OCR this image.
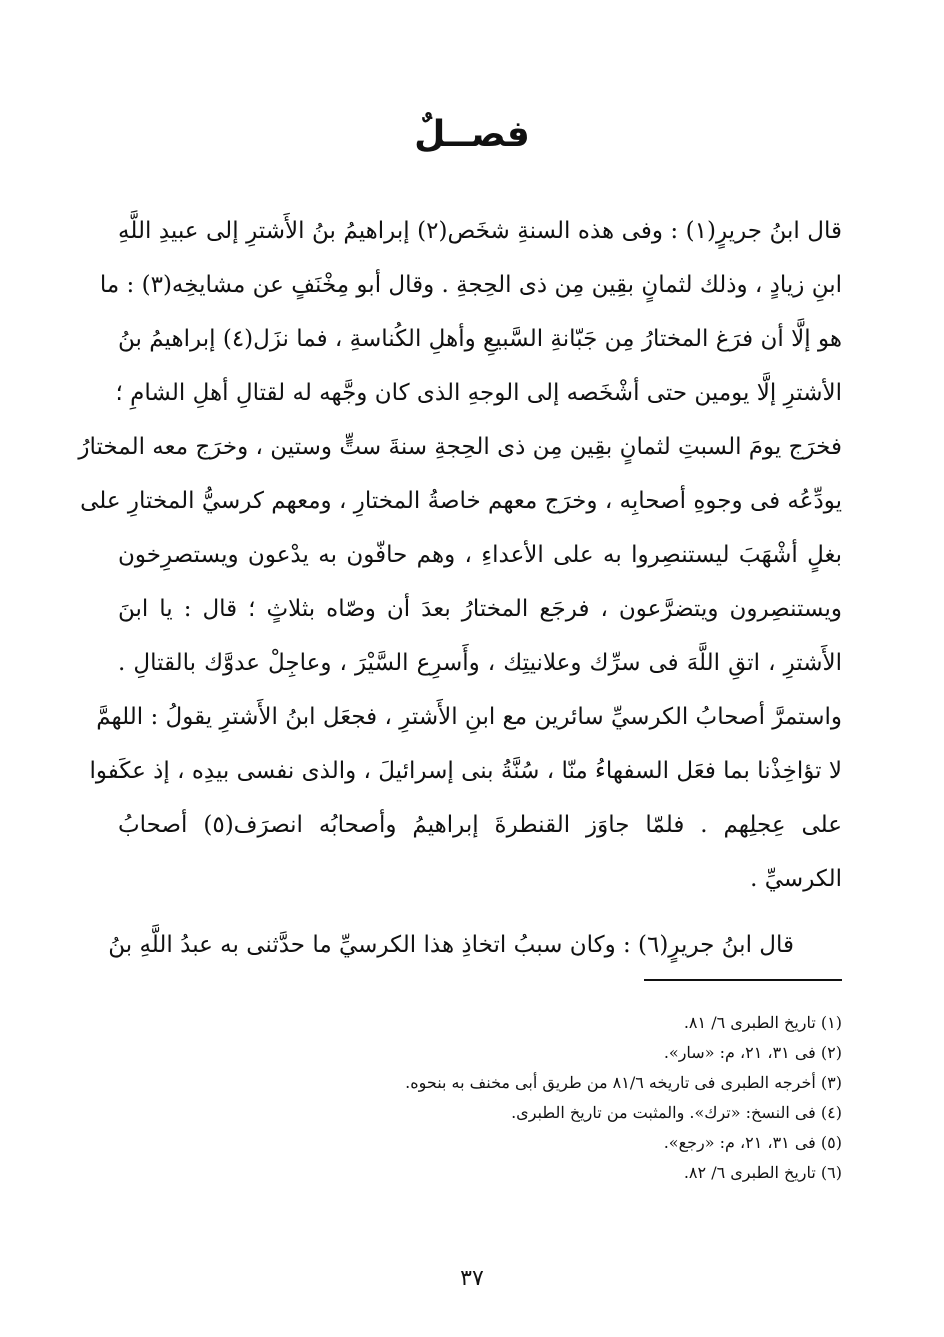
فصــلٌ
قال ابنُ جريرٍ(١) : وفى هذه السنةِ شخَص(٢) إبراهيمُ بنُ الأَشترِ إلى عبيدِ اللَّهِ
ابنِ زيادٍ ، وذلك لثمانٍ بقِين مِن ذى الحِجةِ . وقال أبو مِخْنَفٍ عن مشايخِه(٣) : ما
هو إلَّا أن فرَغ المختارُ مِن جَبّانةِ السَّبيعِ وأهلِ الكُناسةِ ، فما نزَل(٤) إبراهيمُ بنُ
الأشترِ إلَّا يومين حتى أشْخَصه إلى الوجهِ الذى كان وجَّهه له لقتالِ أهلِ الشامِ ؛
فخرَج يومَ السبتِ لثمانٍ بقِين مِن ذى الحِجةِ سنةَ ستٍّ وستين ، وخرَج معه المختارُ
يودِّعُه فى وجوهِ أصحابِه ، وخرَج معهم خاصةُ المختارِ ، ومعهم كرسيُّ المختارِ على
بغلٍ أشْهَبَ ليستنصِروا به على الأعداءِ ، وهم حافّون به يدْعون ويستصرِخون
ويستنصِرون ويتضرَّعون ، فرجَع المختارُ بعدَ أن وصّاه بثلاثٍ ؛ قال : يا ابنَ
الأَشترِ ، اتقِ اللَّهَ فى سرِّك وعلانيتِك ، وأَسرِع السَّيْرَ ، وعاجِلْ عدوَّك بالقتالِ .
واستمرَّ أصحابُ الكرسيِّ سائرين مع ابنِ الأَشترِ ، فجعَل ابنُ الأَشترِ يقولُ : اللهمَّ
لا تؤاخِذْنا بما فعَل السفهاءُ منّا ، سُنَّةُ بنى إسرائيلَ ، والذى نفسى بيدِه ، إذ عكَفوا
على عِجلِهم . فلمّا جاوَز القنطرةَ إبراهيمُ وأصحابُه انصرَف(٥) أصحابُ
الكرسيِّ .
قال ابنُ جريرٍ(٦) : وكان سببُ اتخاذِ هذا الكرسيِّ ما حدَّثنى به عبدُ اللَّهِ بنُ
(١) تاريخ الطبرى ٦/ ٨١.
(٢) فى ٣١، ٢١، م: «سار».
(٣) أخرجه الطبرى فى تاريخه ٨١/٦ من طريق أبى مخنف به بنحوه.
(٤) فى النسخ: «ترك». والمثبت من تاريخ الطبرى.
(٥) فى ٣١، ٢١، م: «رجع».
(٦) تاريخ الطبرى ٦/ ٨٢.
٣٧
